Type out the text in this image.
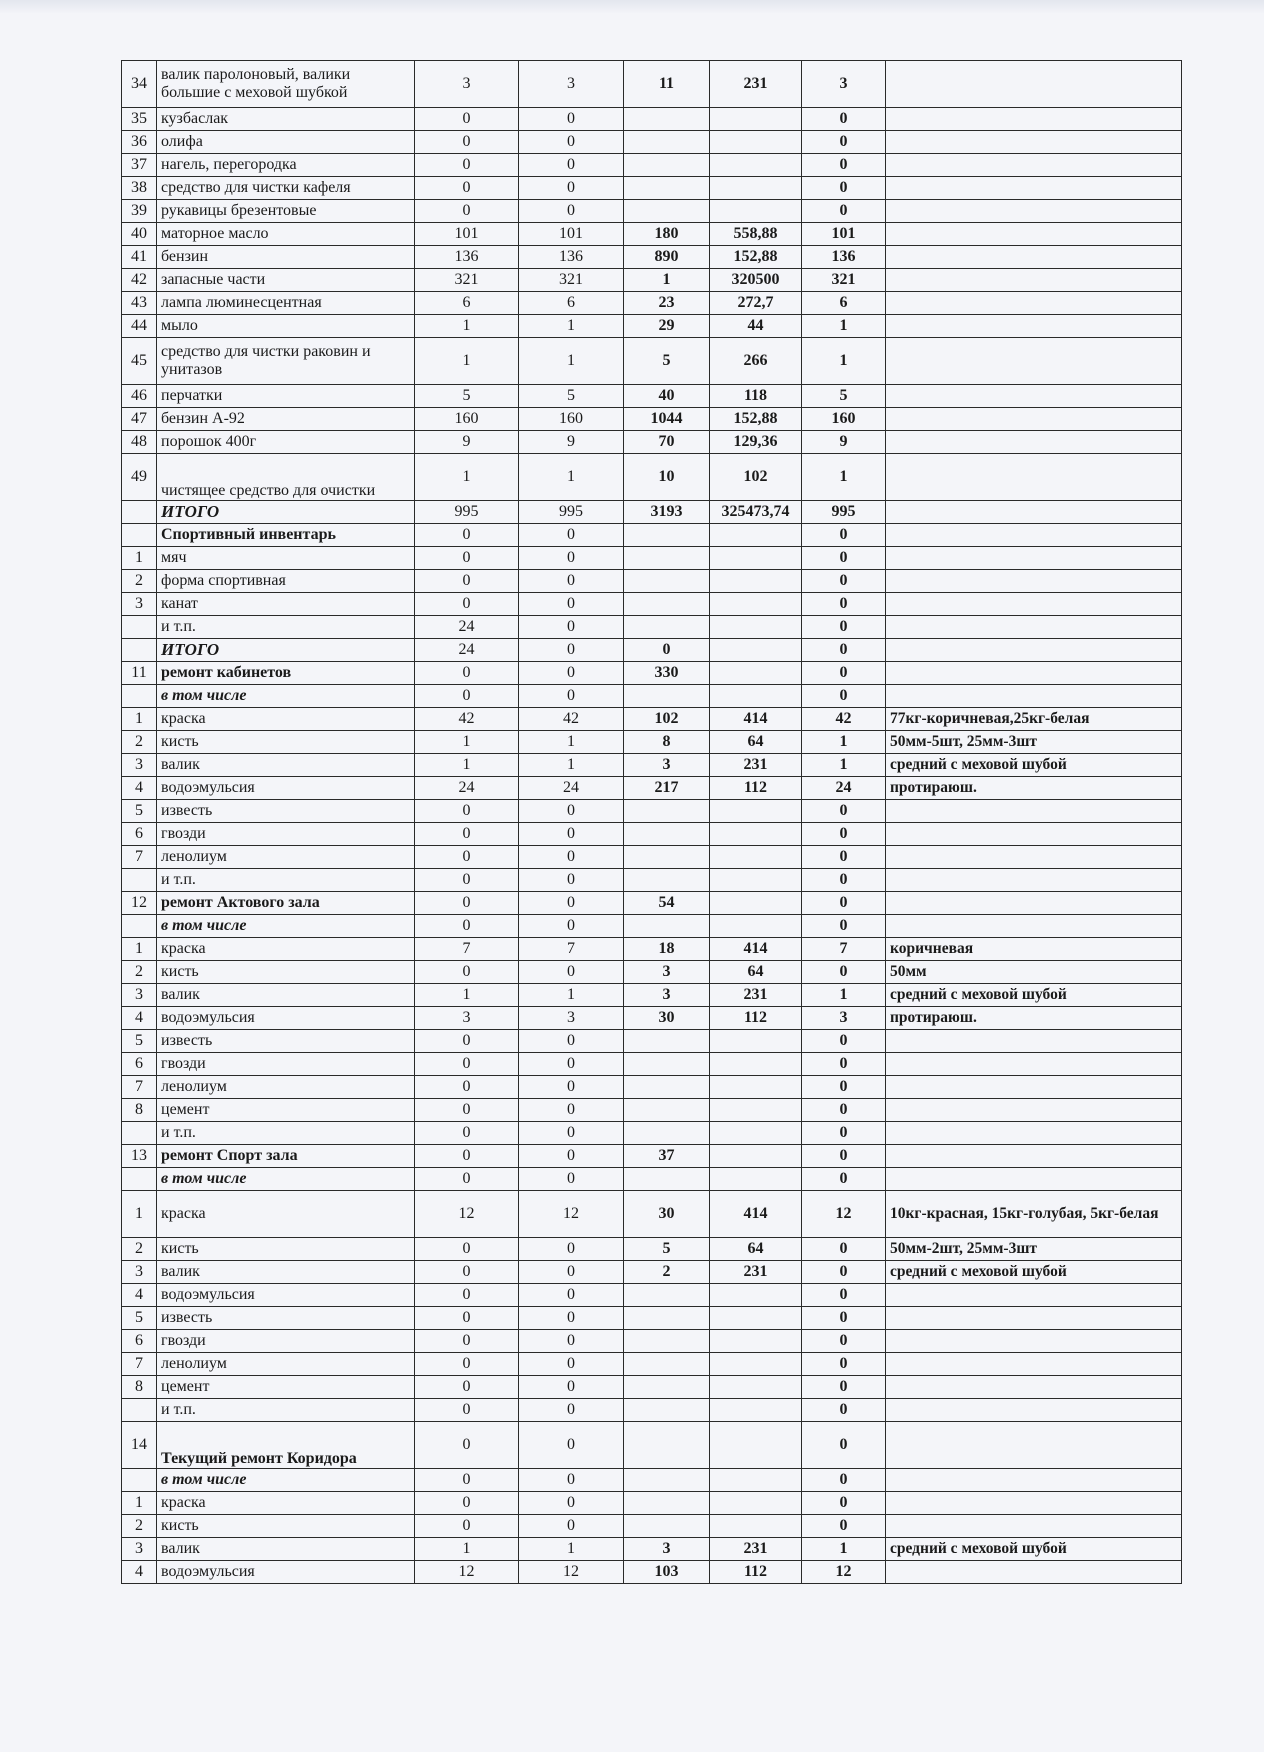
34	валик паролоновый, валики большие с меховой шубкой	3	3	11	231	3	
35	кузбаслак	0	0			0	
36	олифа	0	0			0	
37	нагель, перегородка	0	0			0	
38	средство для чистки кафеля	0	0			0	
39	рукавицы брезентовые	0	0			0	
40	маторное масло	101	101	180	558,88	101	
41	бензин	136	136	890	152,88	136	
42	запасные части	321	321	1	320500	321	
43	лампа люминесцентная	6	6	23	272,7	6	
44	мыло	1	1	29	44	1	
45	средство для чистки раковин и унитазов	1	1	5	266	1	
46	перчатки	5	5	40	118	5	
47	бензин А-92	160	160	1044	152,88	160	
48	порошок 400г	9	9	70	129,36	9	
49	чистящее средство для очистки	1	1	10	102	1	
	ИТОГО	995	995	3193	325473,74	995	
	Спортивный инвентарь	0	0			0	
1	мяч	0	0			0	
2	форма спортивная	0	0			0	
3	канат	0	0			0	
	и т.п.	24	0			0	
	ИТОГО	24	0	0		0	
11	ремонт кабинетов	0	0	330		0	
	в том числе	0	0			0	
1	краска	42	42	102	414	42	77кг-коричневая,25кг-белая
2	кисть	1	1	8	64	1	50мм-5шт, 25мм-3шт
3	валик	1	1	3	231	1	средний с меховой шубой
4	водоэмульсия	24	24	217	112	24	протираюш.
5	известь	0	0			0	
6	гвозди	0	0			0	
7	ленолиум	0	0			0	
	и т.п.	0	0			0	
12	ремонт Актового зала	0	0	54		0	
	в том числе	0	0			0	
1	краска	7	7	18	414	7	коричневая
2	кисть	0	0	3	64	0	50мм
3	валик	1	1	3	231	1	средний с меховой шубой
4	водоэмульсия	3	3	30	112	3	протираюш.
5	известь	0	0			0	
6	гвозди	0	0			0	
7	ленолиум	0	0			0	
8	цемент	0	0			0	
	и т.п.	0	0			0	
13	ремонт Спорт зала	0	0	37		0	
	в том числе	0	0			0	
1	краска	12	12	30	414	12	10кг-красная, 15кг-голубая, 5кг-белая
2	кисть	0	0	5	64	0	50мм-2шт, 25мм-3шт
3	валик	0	0	2	231	0	средний с меховой шубой
4	водоэмульсия	0	0			0	
5	известь	0	0			0	
6	гвозди	0	0			0	
7	ленолиум	0	0			0	
8	цемент	0	0			0	
	и т.п.	0	0			0	
14	Текущий ремонт Коридора	0	0			0	
	в том числе	0	0			0	
1	краска	0	0			0	
2	кисть	0	0			0	
3	валик	1	1	3	231	1	средний с меховой шубой
4	водоэмульсия	12	12	103	112	12	
